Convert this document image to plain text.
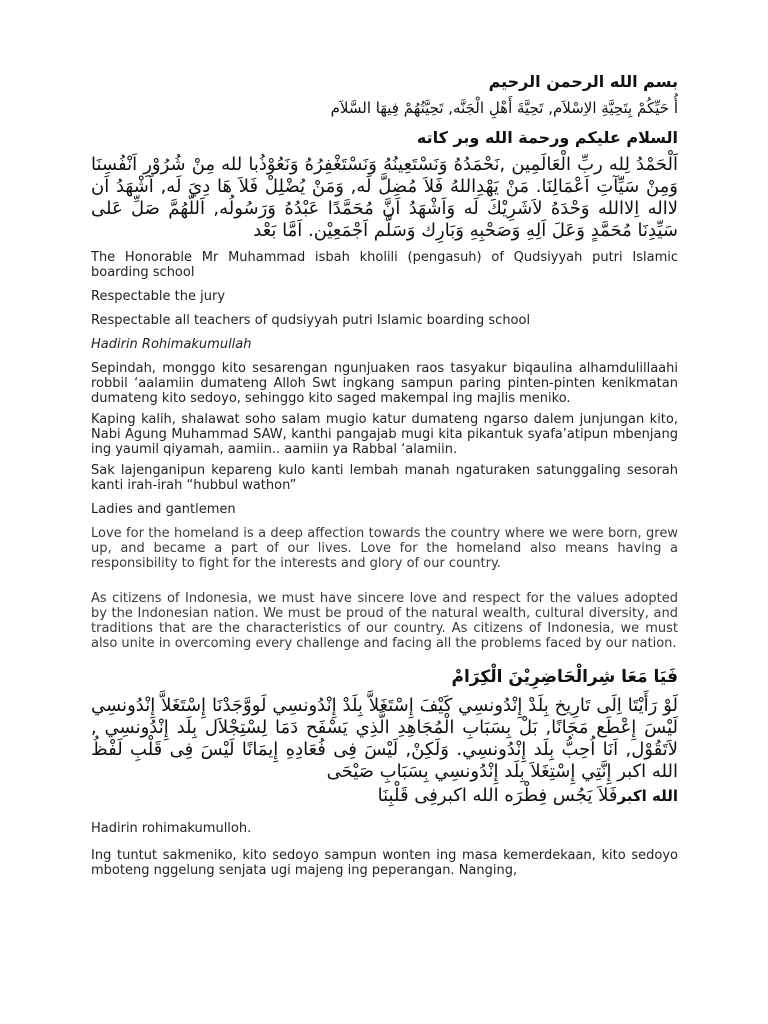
بسم الله الرحمن الرحيم

أُ حَيِّكُمْ بِتَحِيَّةِ الاِسْلاَم, تَحِيَّةَ أَهْلِ الْجَنَّه, تَحِيَّتُهُمْ فِيهَا السَّلاَم

السلام عليكم ورحمة الله وبر كاته

اَلْحَمْدُ لِله ربِّ الْعَالَمِين ,نَحْمَدُهُ وَنَسْتَعِينُهُ وَنَسْتَغْفِرُهُ وَنَعُوْذُبا لله مِنْ شُرُوْرِ اَنْفُسِنَا وَمِنْ سَيِّآتِ اَعْمَالِنَا. مَنْ يَهْدِاللهُ فَلاَ مُضِلَّ لَه, وَمَنْ يُضْلِلْ فَلاَ هَا دِيَ لَه, اَشْهَدُ اَن لااله اِلاالله وَحْدَهُ لاَشَرِيْكَ لَه وَاَشْهَدُ اَنَّ مُحَمَّدًا عَبْدُهُ وَرَسُولُه, اَللّهُمَّ صَلِّ عَلى سَيِّدِنَا مُحَمَّدٍ وَعَلَ اَلِهِ وَصَحْبِهِ وَبَارِك وَسَلَّم اَجْمَعِيْن. اَمَّا بَعْد

The Honorable Mr Muhammad isbah kholili (pengasuh) of Qudsiyyah putri Islamic boarding school

Respectable the jury

Respectable all teachers of qudsiyyah putri Islamic boarding school

Hadirin Rohimakumullah

Sepindah, monggo kito sesarengan ngunjuaken raos tasyakur biqaulina alhamdulillaahi robbil ‘aalamiin dumateng Alloh Swt ingkang sampun paring pinten-pinten kenikmatan dumateng kito sedoyo, sehinggo kito saged makempal ing majlis meniko.

Kaping kalih, shalawat soho salam mugio katur dumateng ngarso dalem junjungan kito, Nabi Agung Muhammad SAW, kanthi pangajab mugi kita pikantuk syafa’atipun mbenjang ing yaumil qiyamah, aamiin.. aamiin ya Rabbal ‘alamiin.

Sak lajenganipun kepareng kulo kanti lembah manah ngaturaken satunggaling sesorah kanti irah-irah “hubbul wathon”

Ladies and gantlemen

Love for the homeland is a deep affection towards the country where we were born, grew up, and became a part of our lives. Love for the homeland also means having a responsibility to fight for the interests and glory of our country.

As citizens of Indonesia, we must have sincere love and respect for the values adopted by the Indonesian nation. We must be proud of the natural wealth, cultural diversity, and traditions that are the characteristics of our country. As citizens of Indonesia, we must also unite in overcoming every challenge and facing all the problems faced by our nation.

فَيَا مَعَا شِرالْحَاضِرِيْنَ الْكِرَامْ

لَوْ رَأَيْتَا اِلَى تَارِيخ بِلَدْ إِنْدُونسِي كَيْفَ إِسْتَغَلاَّ بِلَدْ إِنْدُونسِي لَووَّجَدْنَا إِسْتَغَلاَّ إِنْدُونسِي لَيْسَ إِعْطَع مَجَانًا, بَلْ بِسَبَابِ الْمُجَاهِدِ الَّذِي يَسْفَح دَمَا لِسْتِجْلاَل بِلَد إِنْدُونسِي , لاَتَقُوْل, اَنَا اُحِبُّ بِلَد إِنْدُونسِي. وَلَكِنْ, لَيْسَ فِى فُعَادِهِ إِيمَانًا لَيْسَ فِى قَلْبِ لَفْظُ الله اكبر إِنَّتِي إِسْتِغَلاَ بِلَد إِنْدُونسِي بِسَبَابِ صَيْحَى

الله اكبرفَلاَ يَجُس فِطْرَه الله اكبرفِى قَلْبِنَا

Hadirin rohimakumulloh.

Ing tuntut sakmeniko, kito sedoyo sampun wonten ing masa kemerdekaan, kito sedoyo mboteng nggelung senjata ugi majeng ing peperangan. Nanging,
